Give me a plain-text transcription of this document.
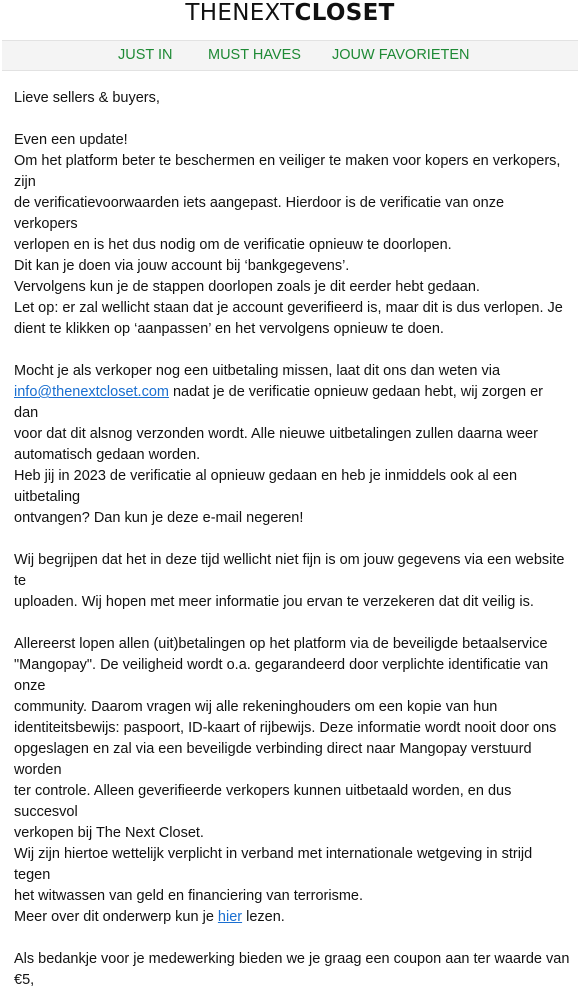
THENEXTCLOSET
JUST IN MUST HAVES JOUW FAVORIETEN

Lieve sellers & buyers,

Even een update!

Om het platform beter te beschermen en veiliger te maken voor kopers en verkopers, zijn

de verificatievoorwaarden iets aangepast. Hierdoor is de verificatie van onze verkopers

verlopen en is het dus nodig om de verificatie opnieuw te doorlopen.

Dit kan je doen via jouw account bij ‘bankgegevens’.

Vervolgens kun je de stappen doorlopen zoals je dit eerder hebt gedaan.

Let op: er zal wellicht staan dat je account geverifieerd is, maar dit is dus verlopen. Je

dient te klikken op ‘aanpassen’ en het vervolgens opnieuw te doen.

Mocht je als verkoper nog een uitbetaling missen, laat dit ons dan weten via

info@thenextcloset.com nadat je de verificatie opnieuw gedaan hebt, wij zorgen er dan

voor dat dit alsnog verzonden wordt. Alle nieuwe uitbetalingen zullen daarna weer

automatisch gedaan worden.

Heb jij in 2023 de verificatie al opnieuw gedaan en heb je inmiddels ook al een uitbetaling

ontvangen? Dan kun je deze e-mail negeren!

Wij begrijpen dat het in deze tijd wellicht niet fijn is om jouw gegevens via een website te

uploaden. Wij hopen met meer informatie jou ervan te verzekeren dat dit veilig is.

Allereerst lopen allen (uit)betalingen op het platform via de beveiligde betaalservice

"Mangopay". De veiligheid wordt o.a. gegarandeerd door verplichte identificatie van onze

community. Daarom vragen wij alle rekeninghouders om een kopie van hun

identiteitsbewijs: paspoort, ID-kaart of rijbewijs. Deze informatie wordt nooit door ons

opgeslagen en zal via een beveiligde verbinding direct naar Mangopay verstuurd worden

ter controle. Alleen geverifieerde verkopers kunnen uitbetaald worden, en dus succesvol

verkopen bij The Next Closet.

Wij zijn hiertoe wettelijk verplicht in verband met internationale wetgeving in strijd tegen

het witwassen van geld en financiering van terrorisme.

Meer over dit onderwerp kun je hier lezen.

Als bedankje voor je medewerking bieden we je graag een coupon aan ter waarde van €5,
